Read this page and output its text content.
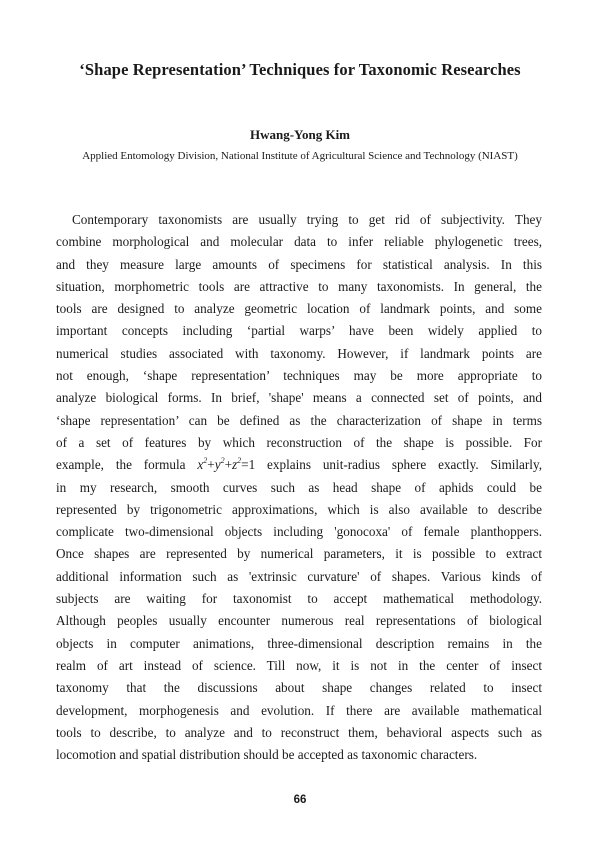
‘Shape Representation’ Techniques for Taxonomic Researches

Hwang-Yong Kim

Applied Entomology Division, National Institute of Agricultural Science and Technology (NIAST)

Contemporary taxonomists are usually trying to get rid of subjectivity. They
combine morphological and molecular data to infer reliable phylogenetic trees,
and they measure large amounts of specimens for statistical analysis. In this
situation, morphometric tools are attractive to many taxonomists. In general, the
tools are designed to analyze geometric location of landmark points, and some
important concepts including ‘partial warps’ have been widely applied to
numerical studies associated with taxonomy. However, if landmark points are
not enough, ‘shape representation’ techniques may be more appropriate to
analyze biological forms. In brief, 'shape' means a connected set of points, and
‘shape representation’ can be defined as the characterization of shape in terms
of a set of features by which reconstruction of the shape is possible. For
example, the formula $x^2+y^2+z^2=1$ explains unit-radius sphere exactly. Similarly,
in my research, smooth curves such as head shape of aphids could be
represented by trigonometric approximations, which is also available to describe
complicate two-dimensional objects including 'gonocoxa' of female planthoppers.
Once shapes are represented by numerical parameters, it is possible to extract
additional information such as 'extrinsic curvature' of shapes. Various kinds of
subjects are waiting for taxonomist to accept mathematical methodology.
Although peoples usually encounter numerous real representations of biological
objects in computer animations, three-dimensional description remains in the
realm of art instead of science. Till now, it is not in the center of insect
taxonomy that the discussions about shape changes related to insect
development, morphogenesis and evolution. If there are available mathematical
tools to describe, to analyze and to reconstruct them, behavioral aspects such as
locomotion and spatial distribution should be accepted as taxonomic characters.

66
